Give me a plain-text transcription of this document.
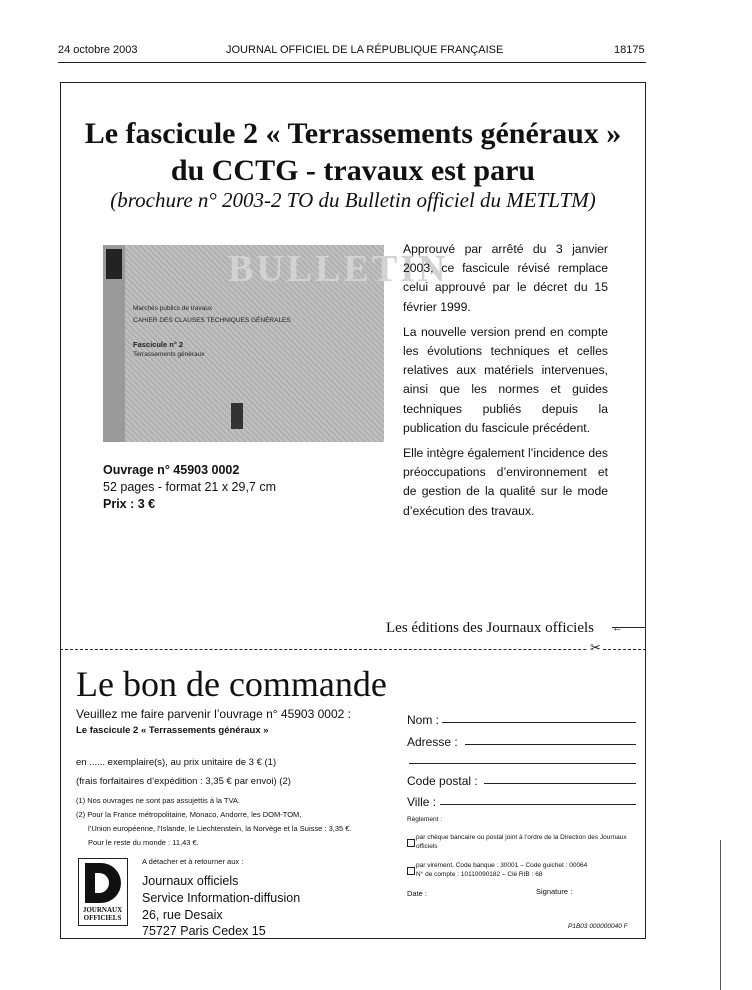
24 octobre 2003	JOURNAL OFFICIEL DE LA RÉPUBLIQUE FRANÇAISE	18175
Le fascicule 2 « Terrassements généraux »
du CCTG - travaux est paru
(brochure n° 2003-2 TO du Bulletin officiel du METLTM)
BULLETIN
Marchés publics de travaux
CAHIER DES CLAUSES TECHNIQUES GÉNÉRALES
Fascicule n° 2
Terrassements généraux
Ouvrage n° 45903 0002
52 pages - format 21 x 29,7 cm
Prix : 3 €

Approuvé par arrêté du 3 janvier 2003, ce fascicule révisé remplace celui approuvé par le décret du 15 février 1999.

La nouvelle version prend en compte les évolutions techniques et celles relatives aux matériels intervenues, ainsi que les normes et guides techniques publiés depuis la publication du fascicule précédent.

Elle intègre également l’incidence des préoccupations d’environnement et de gestion de la qualité sur le mode d’exécution des travaux.

Les éditions des Journaux officiels ←
✂
Le bon de commande
Veuillez me faire parvenir l’ouvrage n° 45903 0002 :
Le fascicule 2 « Terrassements généraux »
en ...... exemplaire(s), au prix unitaire de 3 € (1)
(frais forfaitaires d’expédition : 3,35 € par envoi) (2)
(1) Nos ouvrages ne sont pas assujettis à la TVA.
(2) Pour la France métropolitaine, Monaco, Andorre, les DOM-TOM,
l’Union européenne, l’Islande, le Liechtenstein, la Norvège et la Suisse : 3,35 €.
Pour le reste du monde : 11,43 €.
JOURNAUX
OFFICIELS
A détacher et à retourner aux :
Journaux officiels
Service Information-diffusion
26, rue Desaix
75727 Paris Cedex 15
Nom :
Adresse :
Code postal :
Ville :
Règlement :
par chèque bancaire ou postal joint à l’ordre de la Direction des Journaux officiels
par virement. Code banque : 30001 – Code guichet : 00064
N° de compte : 10110090182 – Clé RIB : 68
Date :	Signature :
P1B03 000000040 F
